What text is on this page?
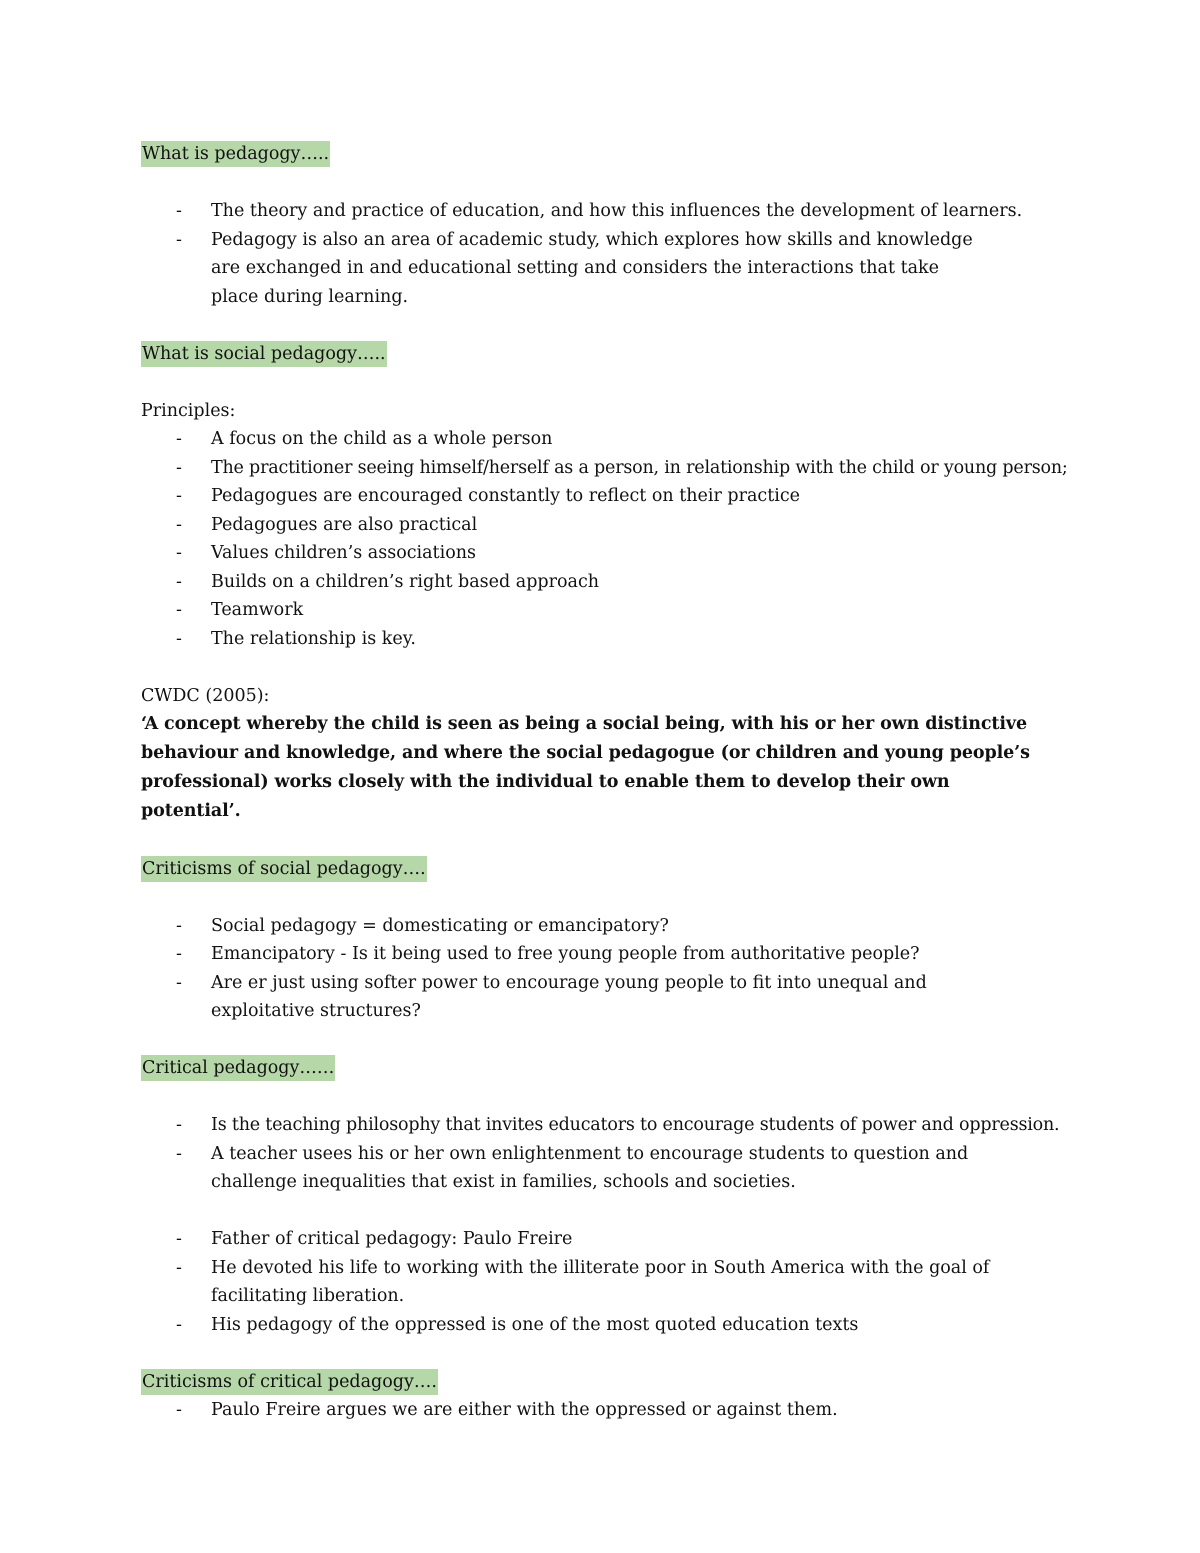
What is pedagogy…..
- The theory and practice of education, and how this influences the development of learners.
- Pedagogy is also an area of academic study, which explores how skills and knowledge are exchanged in and educational setting and considers the interactions that take place during learning.
What is social pedagogy…..
Principles:
- A focus on the child as a whole person
- The practitioner seeing himself/herself as a person, in relationship with the child or young person;
- Pedagogues are encouraged constantly to reflect on their practice
- Pedagogues are also practical
- Values children’s associations
- Builds on a children’s right based approach
- Teamwork
- The relationship is key.
CWDC (2005):
‘A concept whereby the child is seen as being a social being, with his or her own distinctive behaviour and knowledge, and where the social pedagogue (or children and young people’s professional) works closely with the individual to enable them to develop their own potential’.
Criticisms of social pedagogy….
- Social pedagogy = domesticating or emancipatory?
- Emancipatory - Is it being used to free young people from authoritative people?
- Are er just using softer power to encourage young people to fit into unequal and exploitative structures?
Critical pedagogy……
- Is the teaching philosophy that invites educators to encourage students of power and oppression.
- A teacher usees his or her own enlightenment to encourage students to question and challenge inequalities that exist in families, schools and societies.
- Father of critical pedagogy: Paulo Freire
- He devoted his life to working with the illiterate poor in South America with the goal of facilitating liberation.
- His pedagogy of the oppressed is one of the most quoted education texts
Criticisms of critical pedagogy….
- Paulo Freire argues we are either with the oppressed or against them.
